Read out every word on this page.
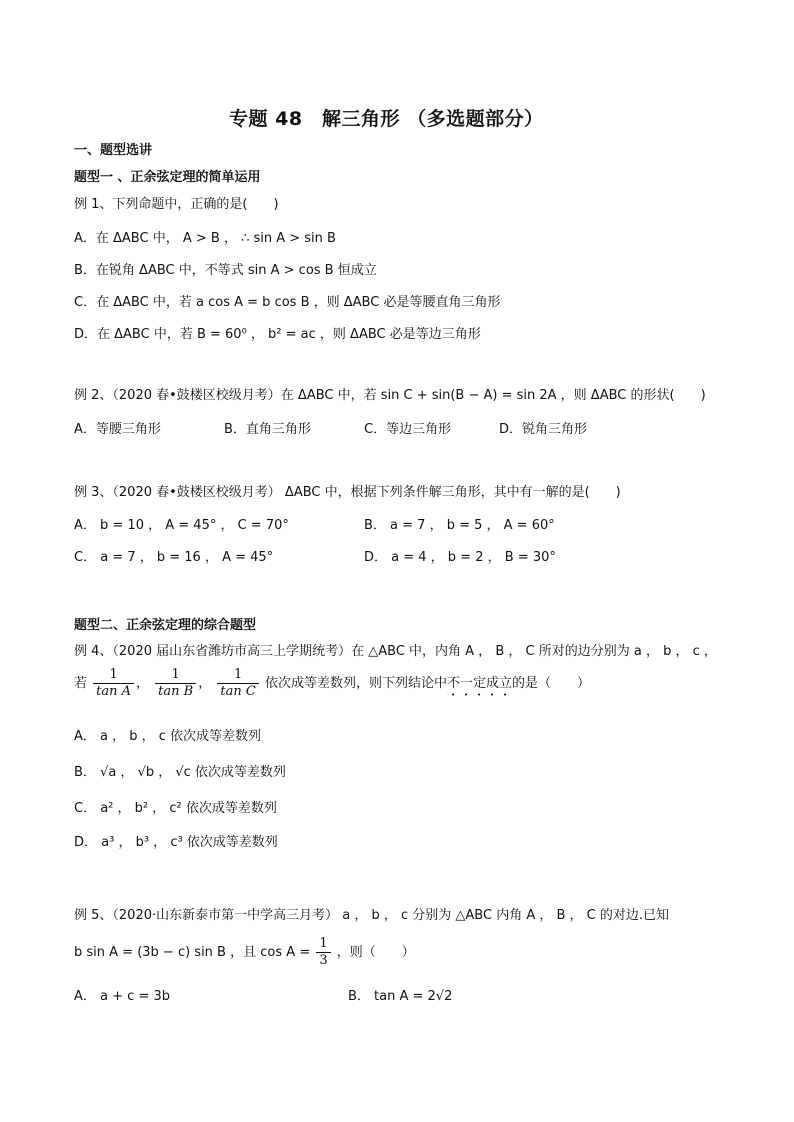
专题 48　解三角形 （多选题部分）
一、题型选讲
题型一 、正余弦定理的简单运用
例 1、下列命题中，正确的是(　　)
A．在 ΔABC 中， A > B ， ∴ sin A > sin B
B．在锐角 ΔABC 中，不等式 sin A > cos B 恒成立
C．在 ΔABC 中，若 a cos A = b cos B ，则 ΔABC 必是等腰直角三角形
D．在 ΔABC 中，若 B = 60⁰ ， b² = ac ，则 ΔABC 必是等边三角形
例 2、（2020 春•鼓楼区校级月考）在 ΔABC 中，若 sin C + sin(B − A) = sin 2A ，则 ΔABC 的形状(　　)
A．等腰三角形	B．直角三角形	C．等边三角形	D．锐角三角形
例 3、（2020 春•鼓楼区校级月考） ΔABC 中，根据下列条件解三角形，其中有一解的是(　　)
A． b = 10 ， A = 45° ， C = 70°	B． a = 7 ， b = 5 ， A = 60°
C． a = 7 ， b = 16 ， A = 45°	D． a = 4 ， b = 2 ， B = 30°
题型二、正余弦定理的综合题型
例 4、（2020 届山东省潍坊市高三上学期统考）在 △ABC 中，内角 A ， B ， C 所对的边分别为 a ， b ， c ，
若 $\frac{1}{\text{tan A}}$ ， $\frac{1}{\text{tan B}}$ ， $\frac{1}{\text{tan C}}$ 依次成等差数列，则下列结论中不一定成立的是（　　）
A． a ， b ， c 依次成等差数列
B． √a ， √b ， √c 依次成等差数列
C． a² ， b² ， c² 依次成等差数列
D． a³ ， b³ ， c³ 依次成等差数列
例 5、（2020·山东新泰市第一中学高三月考） a ， b ， c 分别为 △ABC 内角 A ， B ， C 的对边.已知
b sin A = (3b − c) sin B ，且 $\cos A = \frac{1}{3}$ ，则（　　）
A． a + c = 3b	B． tan A = 2√2
